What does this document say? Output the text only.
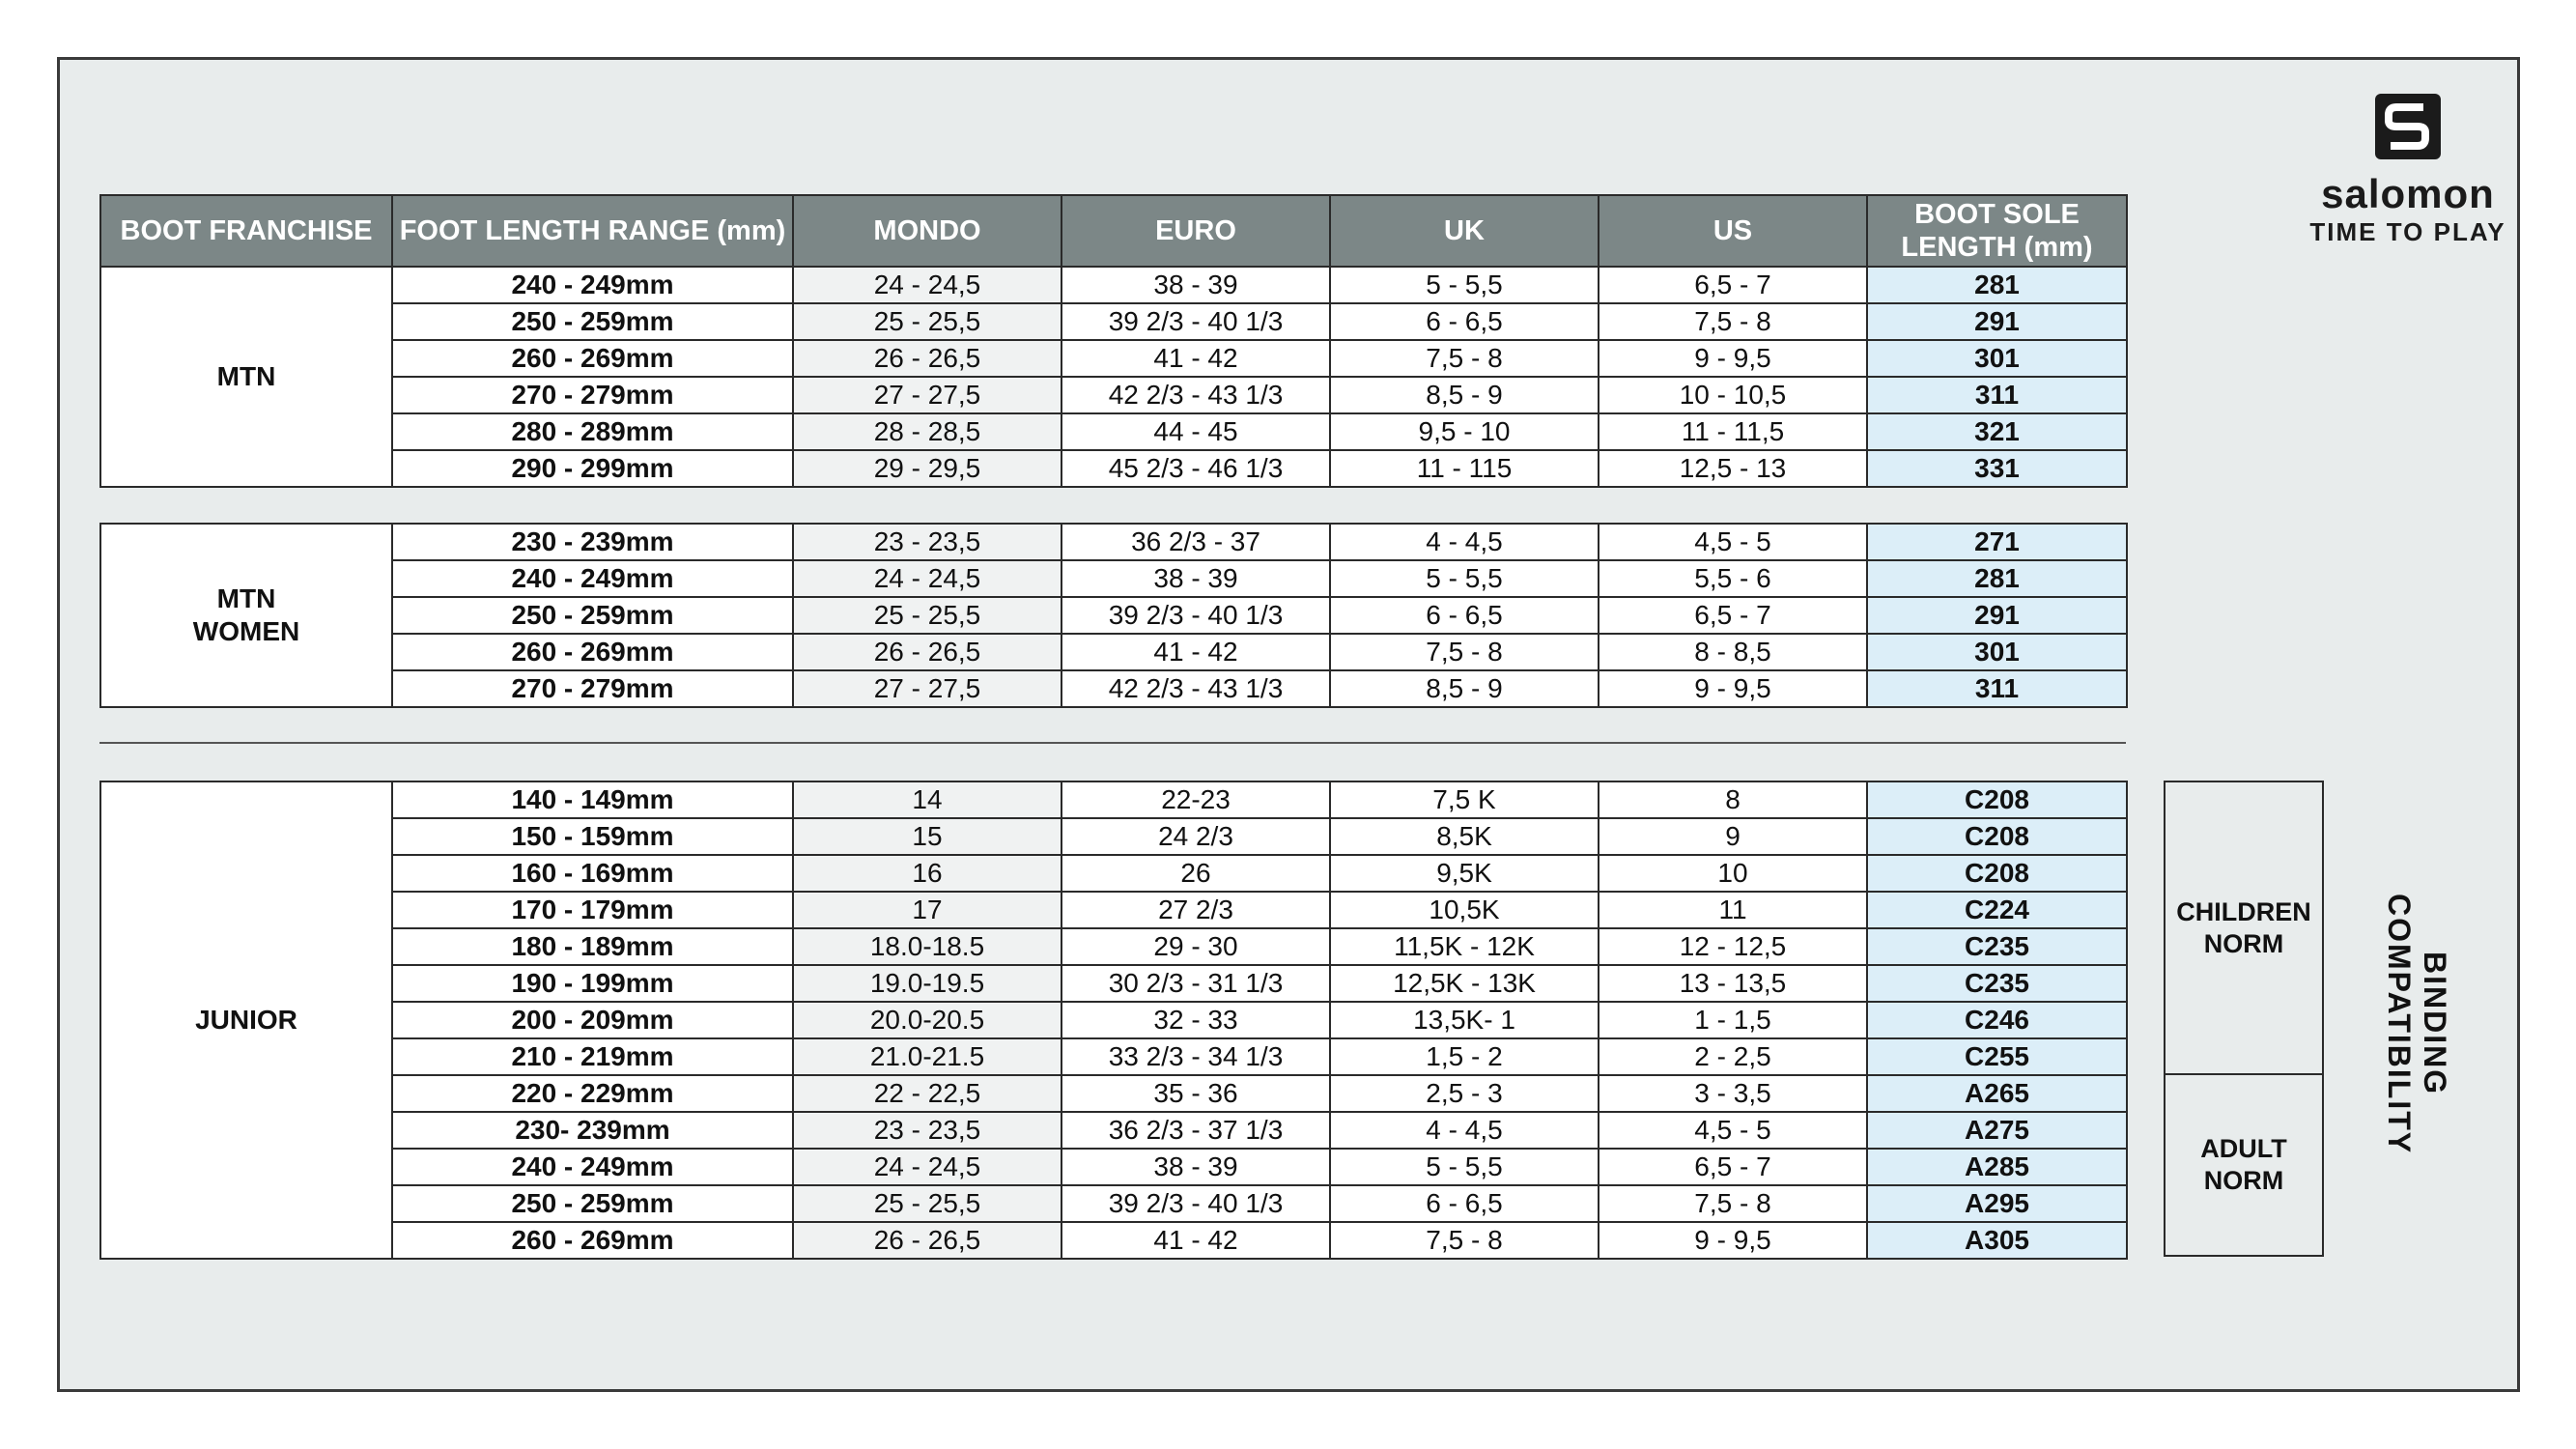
salomon
TIME TO PLAY
BOOT FRANCHISE	FOOT LENGTH RANGE (mm)	MONDO	EURO	UK	US	BOOT SOLE LENGTH (mm)
MTN	240 - 249mm	24 - 24,5	38 - 39	5 - 5,5	6,5 - 7	281
	250 - 259mm	25 - 25,5	39 2/3 - 40 1/3	6 - 6,5	7,5 - 8	291
	260 - 269mm	26 - 26,5	41 - 42	7,5 - 8	9 - 9,5	301
	270 - 279mm	27 - 27,5	42 2/3 - 43 1/3	8,5 - 9	10 - 10,5	311
	280 - 289mm	28 - 28,5	44 - 45	9,5 - 10	11 - 11,5	321
	290 - 299mm	29 - 29,5	45 2/3 - 46 1/3	11 - 115	12,5 - 13	331
MTN
WOMEN	230 - 239mm	23 - 23,5	36 2/3 - 37	4 - 4,5	4,5 - 5	271
	240 - 249mm	24 - 24,5	38 - 39	5 - 5,5	5,5 - 6	281
	250 - 259mm	25 - 25,5	39 2/3 - 40 1/3	6 - 6,5	6,5 - 7	291
	260 - 269mm	26 - 26,5	41 - 42	7,5 - 8	8 - 8,5	301
	270 - 279mm	27 - 27,5	42 2/3 - 43 1/3	8,5 - 9	9 - 9,5	311
JUNIOR	140 - 149mm	14	22-23	7,5 K	8	C208
	150 - 159mm	15	24 2/3	8,5K	9	C208
	160 - 169mm	16	26	9,5K	10	C208
	170 - 179mm	17	27 2/3	10,5K	11	C224
	180 - 189mm	18.0-18.5	29 - 30	11,5K - 12K	12 - 12,5	C235
	190 - 199mm	19.0-19.5	30 2/3 - 31 1/3	12,5K - 13K	13 - 13,5	C235
	200 - 209mm	20.0-20.5	32 - 33	13,5K- 1	1 - 1,5	C246
	210 - 219mm	21.0-21.5	33 2/3 - 34 1/3	1,5 - 2	2 - 2,5	C255
	220 - 229mm	22 - 22,5	35 - 36	2,5 - 3	3 - 3,5	A265
	230- 239mm	23 - 23,5	36 2/3 - 37 1/3	4 - 4,5	4,5 - 5	A275
	240 - 249mm	24 - 24,5	38 - 39	5 - 5,5	6,5 - 7	A285
	250 - 259mm	25 - 25,5	39 2/3 - 40 1/3	6 - 6,5	7,5 - 8	A295
	260 - 269mm	26 - 26,5	41 - 42	7,5 - 8	9 - 9,5	A305
CHILDREN
NORM
ADULT
NORM
BINDING COMPATIBILITY
